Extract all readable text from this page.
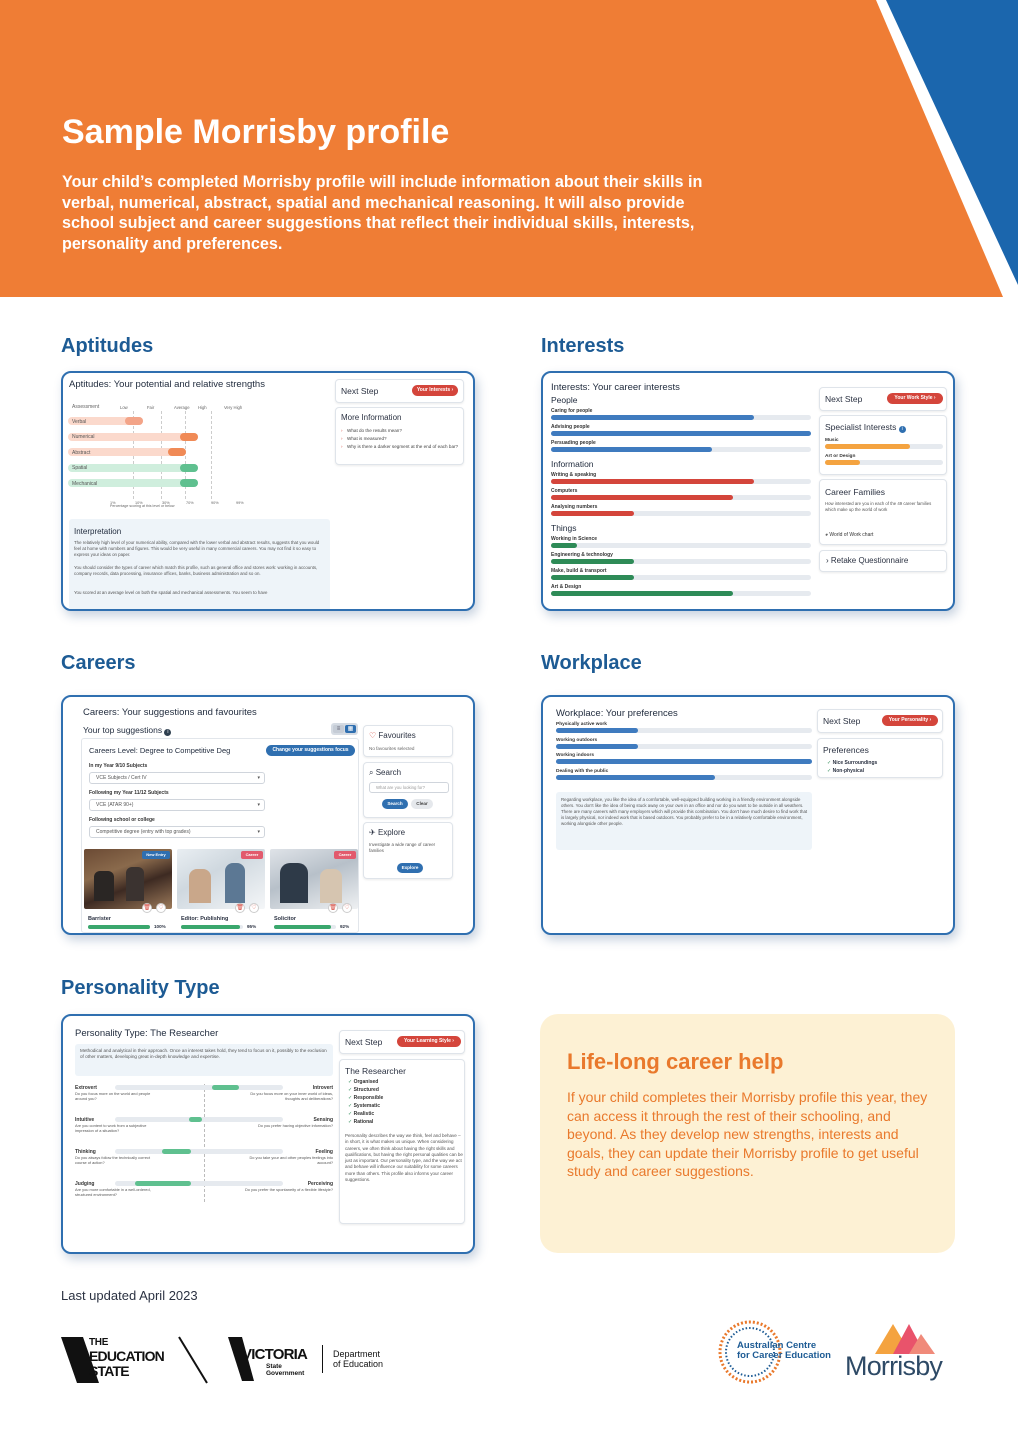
Sample Morrisby profile
Your child’s completed Morrisby profile will include information about their skills in verbal, numerical, abstract, spatial and mechanical reasoning. It will also provide school subject and career suggestions that reflect their individual skills, interests, personality and preferences.
Aptitudes	Interests
Careers	Workplace
Personality Type
Aptitudes: Your potential and relative strengths
Assessment	Low	Fair	Average High	Very High
Verbal
Numerical
Abstract
Spatial
Mechanical
1%	10%	30%	70%	90%	99%
Percentage scoring at this level or below
Next Step	Your Interests ›
More Information
› What do the results mean?
› What is measured?
› Why is there a darker segment at the end of each bar?
Interpretation
The relatively high level of your numerical ability, compared with the lower verbal and abstract results, suggests that you would feel at home with numbers and figures. This would be very useful in many commercial careers. You may not find it so easy to express your ideas on paper.
You should consider the types of career which match this profile, such as general office and stores work: working in accounts, company records, data processing, insurance offices, banks, business administration and so on.
You scored at an average level on both the spatial and mechanical assessments. You seem to have
Interests: Your career interests
People
Caring for people
Advising people
Persuading people
Information
Writing & speaking
Computers
Analysing numbers
Things
Working in Science
Engineering & technology
Make, build & transport
Art & Design
Next Step	Your Work Style ›
Specialist Interests i
Music
Art or Design
Career Families
How interested are you in each of the 49 career families which make up the world of work
◕ World of Work chart
› Retake Questionnaire
Careers: Your suggestions and favourites
Your top suggestions i	≡	▦
Careers Level: Degree to Competitive Deg	Change your suggestions focus
In my Year 9/10 Subjects
VCE Subjects / Cert IV	▾
Following my Year 11/12 Subjects
VCE (ATAR 90+)	▾
Following school or college
Competitive degree (entry with top grades)	▾
New Entry
🗑	♡
Barrister
100%
Career
🗑	♡
Editor: Publishing
95%
Career
🗑	♡
Solicitor
92%
♡ Favourites
No favourites selected
⌕ Search
What are you looking for?
Search	Clear
✈ Explore
Investigate a wide range of career families
Explore
Workplace: Your preferences
Physically active work
Working outdoors
Working indoors
Dealing with the public
Regarding workplace, you like the idea of a comfortable, well-equipped building working in a friendly environment alongside others. You don't like the idea of being stuck away on your own in an office and nor do you want to be outside in all weathers. There are many careers with many employers which will provide this combination. You don't have much desire to find work that is largely physical, nor indeed work that is based outdoors. You probably prefer to be in a relatively comfortable environment, working alongside other people.
Next Step	Your Personality ›
Preferences
✓ Nice Surroundings
✓ Non-physical
Personality Type: The Researcher
Methodical and analytical in their approach. Once an interest takes hold, they tend to focus on it, possibly to the exclusion of other matters, developing great in-depth knowledge and expertise.
Extrovert	Introvert
Do you focus more on the world and people around you?
Do you focus more on your inner world of ideas, thoughts and deliberations?
Intuitive	Sensing
Are you content to work from a subjective impression of a situation?
Do you prefer having objective information?
Thinking	Feeling
Do you always follow the technically correct course of action?
Do you take your and other peoples feelings into account?
Judging	Perceiving
Are you more comfortable in a well-ordered, structured environment?
Do you prefer the spontaneity of a flexible lifestyle?
Next Step	Your Learning Style ›
The Researcher
✓ Organised
✓ Structured
✓ Responsible
✓ Systematic
✓ Realistic
✓ Rational
Personality describes the way we think, feel and behave – in short, it is what makes us unique. When considering careers, we often think about having the right skills and qualifications, but having the right personal qualities can be just as important. Our personality type, and the way we act and behave will influence our suitability for some careers more than others. This profile also informs your career suggestions.
Life-long career help
If your child completes their Morrisby profile this year, they can access it through the rest of their schooling, and beyond. As they develop new strengths, interests and goals, they can update their Morrisby profile to get useful study and career suggestions.
Last updated April 2023
THE
EDUCATION
STATE
VICTORIA
State
Government
Department
of Education
Australian Centre
for Career Education Morrisby
